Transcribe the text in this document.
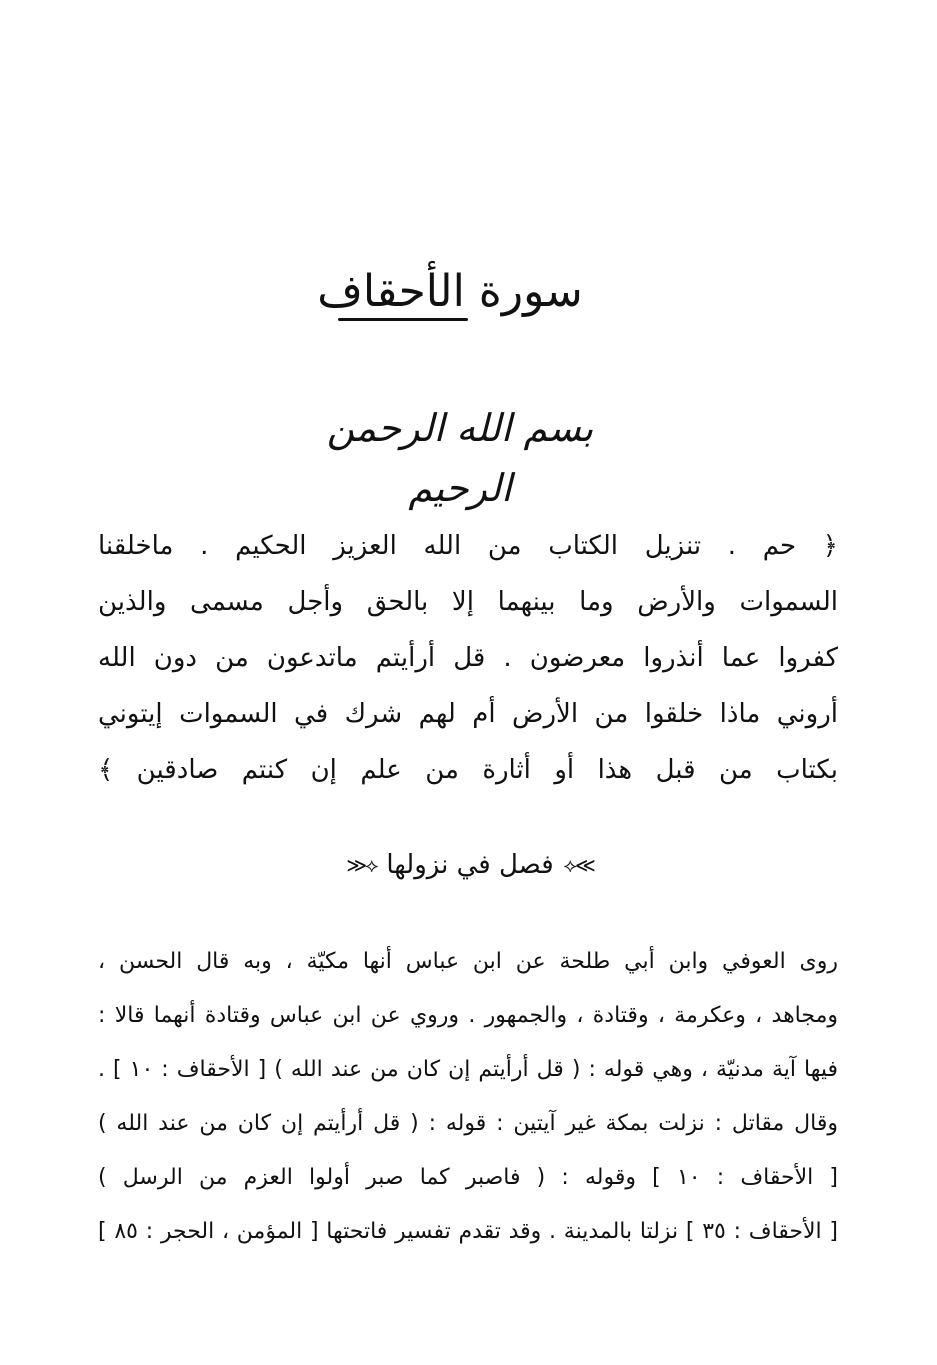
سورة الأحقاف
بسم الله الرحمن الرحيم
﴿ حم . تنزيل الكتاب من الله العزيز الحكيم . ماخلقنا
السموات والأرض وما بينهما إلا بالحق وأجل مسمى والذين
كفروا عما أنذروا معرضون . قل أرأيتم ماتدعون من دون الله
أروني ماذا خلقوا من الأرض أم لهم شرك في السموات إيتوني
بكتاب من قبل هذا أو أثارة من علم إن كنتم صادقين ﴾
≫⟡
فصل في نزولها
⟡≪
روى العوفي وابن أبي طلحة عن ابن عباس أنها مكيّة ، وبه قال الحسن ،
ومجاهد ، وعكرمة ، وقتادة ، والجمهور . وروي عن ابن عباس وقتادة أنهما قالا :
فيها آية مدنيّة ، وهي قوله : ( قل أرأيتم إن كان من عند الله ) [ الأحقاف : ١٠ ] .
وقال مقاتل : نزلت بمكة غير آيتين : قوله : ( قل أرأيتم إن كان من عند الله )
[ الأحقاف : ١٠ ] وقوله : ( فاصبر كما صبر أولوا العزم من الرسل )
[ الأحقاف : ٣٥ ] نزلتا بالمدينة . وقد تقدم تفسير فاتحتها [ المؤمن ، الحجر : ٨٥ ]
